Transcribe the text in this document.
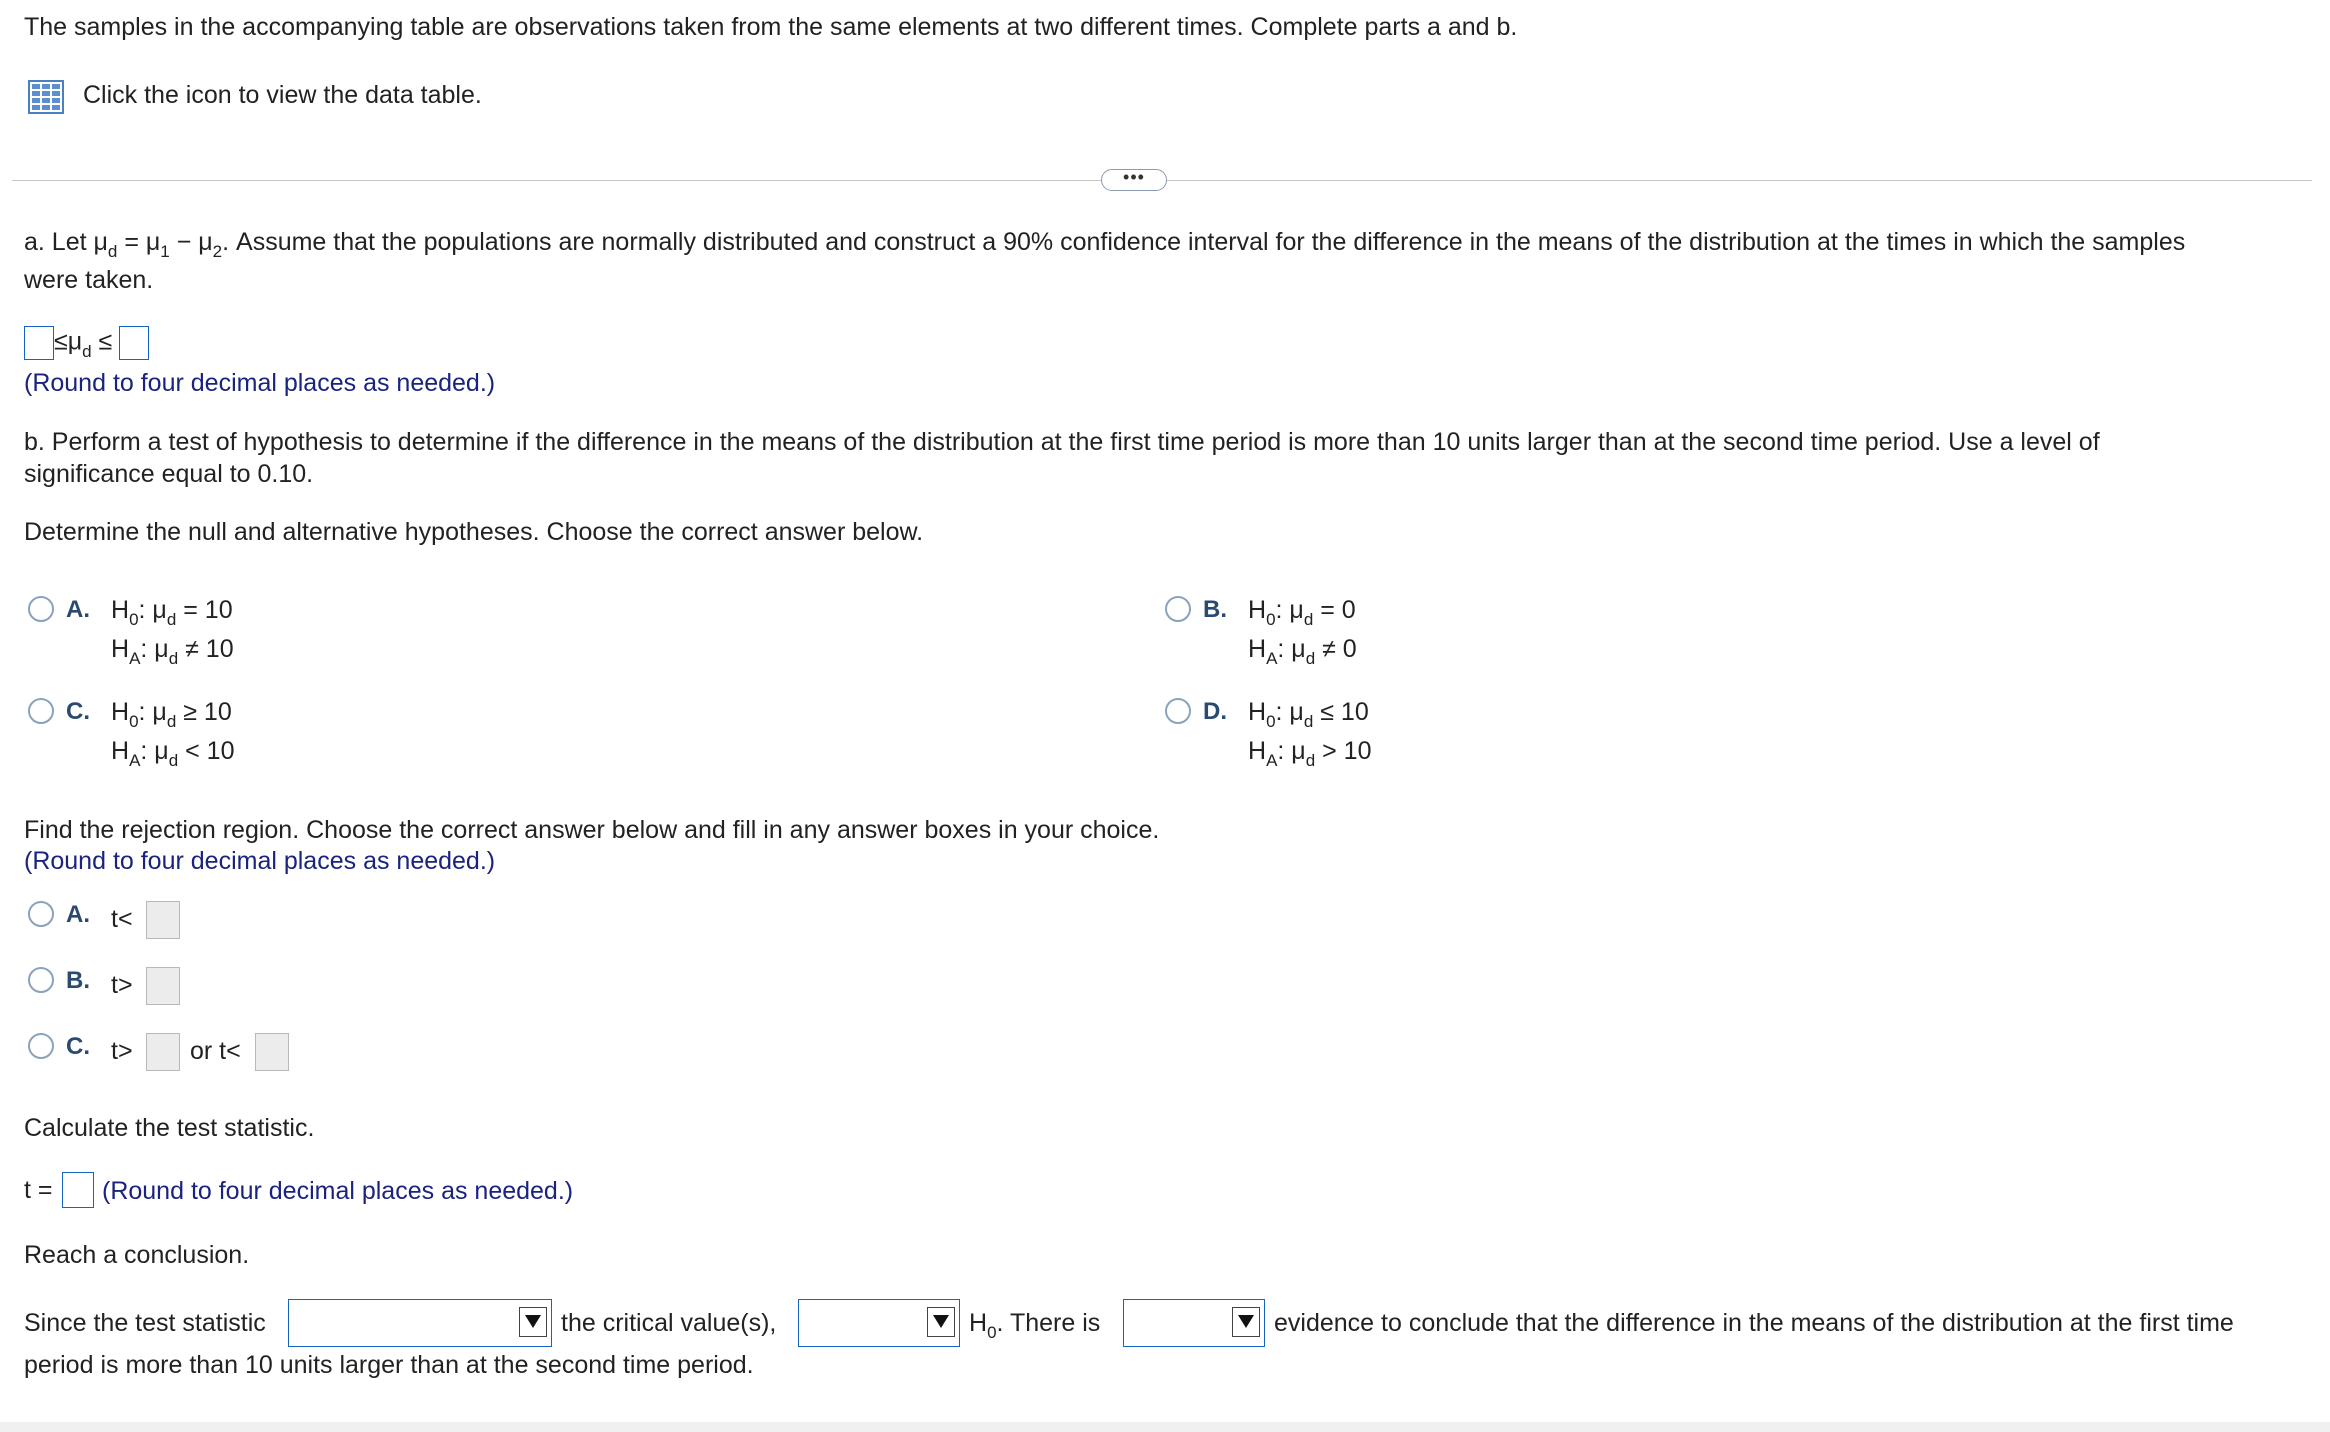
The samples in the accompanying table are observations taken from the same elements at two different times. Complete parts a and b.
Click the icon to view the data table.
•••
a. Let $\mu_d = \mu_1 - \mu_2$. Assume that the populations are normally distributed and construct a 90% confidence interval for the difference in the means of the distribution at the times in which the samples
were taken.
$\le\mu_d$ ≤
(Round to four decimal places as needed.)
b. Perform a test of hypothesis to determine if the difference in the means of the distribution at the first time period is more than 10 units larger than at the second time period. Use a level of
significance equal to 0.10.
Determine the null and alternative hypotheses. Choose the correct answer below.
A. $H_0$: $\mu_d = 10$
$H_A$: $\mu_d \ne 10$
B. $H_0$: $\mu_d = 0$
$H_A$: $\mu_d \ne 0$
C. $H_0$: $\mu_d \ge 10$
$H_A$: $\mu_d < 10$
D. $H_0$: $\mu_d \le 10$
$H_A$: $\mu_d > 10$
Find the rejection region. Choose the correct answer below and fill in any answer boxes in your choice.
(Round to four decimal places as needed.)
A. t<
B. t>
C. t> or t<
Calculate the test statistic.
t = (Round to four decimal places as needed.)
Reach a conclusion.
Since the test statistic	the critical value(s),	$H_0$. There is	evidence to conclude that the difference in the means of the distribution at the first time
period is more than 10 units larger than at the second time period.
